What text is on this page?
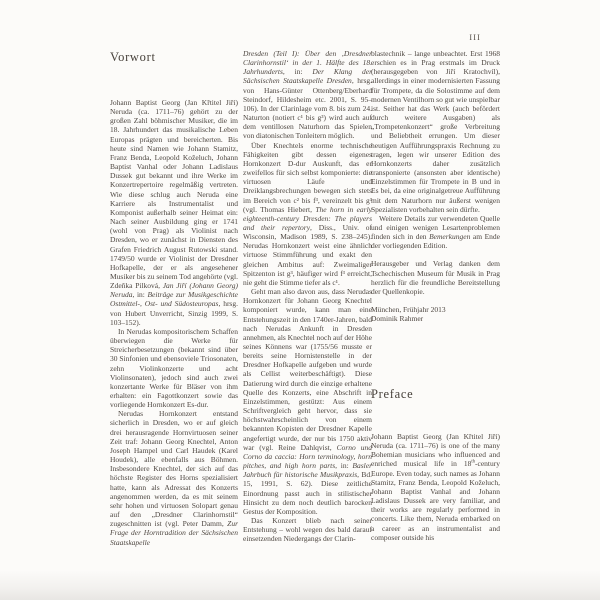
III
Vorwort

Johann Baptist Georg (Jan Křtitel Jiří) Neruda (ca. 1711–76) gehört zu der großen Zahl böhmischer Musiker, die im 18. Jahrhundert das musikalische Leben Europas prägten und bereicherten. Bis heute sind Namen wie Johann Stamitz, Franz Benda, Leopold Koželuch, Johann Baptist Vanhal oder Johann Ladislaus Dussek gut bekannt und ihre Werke im Konzertrepertoire regelmäßig vertreten. Wie diese schlug auch Neruda eine Karriere als Instrumentalist und Komponist außerhalb seiner Heimat ein: Nach seiner Ausbildung ging er 1741 (wohl von Prag) als Violinist nach Dresden, wo er zunächst in Diensten des Grafen Friedrich August Rutowski stand. 1749/50 wurde er Violinist der Dresdner Hofkapelle, der er als angesehener Musiker bis zu seinem Tod angehörte (vgl. Zdeňka Pilková, Jan Jiří (Johann Georg) Neruda, in: Beiträge zur Musikgeschichte Ostmittel-, Ost- und Südosteuropas, hrsg. von Hubert Unverricht, Sinzig 1999, S. 103–152).

In Nerudas kompositorischem Schaffen überwiegen die Werke für Streicherbesetzungen (bekannt sind über 30 Sinfonien und ebensoviele Triosonaten, zehn Violinkonzerte und acht Violinsonaten), jedoch sind auch zwei konzertante Werke für Bläser von ihm erhalten: ein Fagottkonzert sowie das vorliegende Hornkonzert Es-dur.

Nerudas Hornkonzert entstand sicherlich in Dresden, wo er auf gleich drei herausragende Hornvirtuosen seiner Zeit traf: Johann Georg Knechtel, Anton Joseph Hampel und Carl Haudek (Karel Houdek), alle ebenfalls aus Böhmen. Insbesondere Knechtel, der sich auf das höchste Register des Horns spezialisiert hatte, kann als Adressat des Konzerts angenommen werden, da es mit seinem sehr hohen und virtuosen Solopart genau auf den „Dresdner Clarinhornstil“ zugeschnitten ist (vgl. Peter Damm, Zur Frage der Horntradition der Sächsischen Staatskapelle

Dresden (Teil I): Über den ‚Dresdner Clarinhornstil‘ in der 1. Hälfte des 18. Jahrhunderts, in: Der Klang der Sächsischen Staatskapelle Dresden, hrsg. von Hans-Günter Ottenberg/Eberhard Steindorf, Hildesheim etc. 2001, S. 95–106). In der Clarinlage vom 8. bis zum 24. Naturton (notiert c¹ bis g³) wird auch auf dem ventillosen Naturhorn das Spielen von diatonischen Tonleitern möglich.

Über Knechtels enorme technische Fähigkeiten gibt dessen eigenes Hornkonzert D-dur Auskunft, das er zweifellos für sich selbst komponierte: die virtuosen Läufe und Dreiklangsbrechungen bewegen sich stets im Bereich von c² bis f³, vereinzelt bis g³ (vgl. Thomas Hiebert, The horn in early eighteenth-century Dresden: The players and their repertory, Diss., Univ. of Wisconsin, Madison 1989, S. 238–245). Nerudas Hornkonzert weist eine ähnlich virtuose Stimmführung und exakt den gleichen Ambitus auf: Zweimaliger Spitzenton ist g³, häufiger wird f³ erreicht, nie geht die Stimme tiefer als c¹.

Geht man also davon aus, dass Nerudas Hornkonzert für Johann Georg Knechtel komponiert wurde, kann man eine Entstehungszeit in den 1740er-Jahren, bald nach Nerudas Ankunft in Dresden annehmen, als Knechtel noch auf der Höhe seines Könnens war (1755/56 musste er bereits seine Hornistenstelle in der Dresdner Hofkapelle aufgeben und wurde als Cellist weiterbeschäftigt). Diese Datierung wird durch die einzige erhaltene Quelle des Konzerts, eine Abschrift in Einzelstimmen, gestützt: Aus einem Schriftvergleich geht hervor, dass sie höchstwahrscheinlich von einem bekannten Kopisten der Dresdner Kapelle angefertigt wurde, der nur bis 1750 aktiv war (vgl. Reine Dahlqvist, Corno und Corno da caccia: Horn terminology, horn pitches, and high horn parts, in: Basler Jahrbuch für historische Musikpraxis, Bd. 15, 1991, S. 62). Diese zeitliche Einordnung passt auch in stilistischer Hinsicht zu dem noch deutlich barocken Gestus der Komposition.

Das Konzert blieb nach seiner Entstehung – wohl wegen des bald darauf einsetzenden Niedergangs der Clarin-

blastechnik – lange unbeachtet. Erst 1968 erschien es in Prag erstmals im Druck (herausgegeben von Jiří Kratochvíl), allerdings in einer modernisierten Fassung für Trompete, da die Solostimme auf dem modernen Ventilhorn so gut wie unspielbar ist. Seither hat das Werk (auch befördert durch weitere Ausgaben) als „Trompetenkonzert“ große Verbreitung und Beliebtheit errungen. Um dieser heutigen Aufführungspraxis Rechnung zu tragen, legen wir unserer Edition des Hornkonzerts daher zusätzlich transponierte (ansonsten aber identische) Einzelstimmen für Trompete in B und in Es bei, da eine originalgetreue Aufführung mit dem Naturhorn nur äußerst wenigen Spezialisten vorbehalten sein dürfte.

Weitere Details zur verwendeten Quelle und einigen wenigen Lesartenproblemen finden sich in den Bemerkungen am Ende der vorliegenden Edition.

Herausgeber und Verlag danken dem Tschechischen Museum für Musik in Prag herzlich für die freundliche Bereitstellung der Quellenkopie.

München, Frühjahr 2013

Dominik Rahmer

Preface

Johann Baptist Georg (Jan Křtitel Jiří) Neruda (ca. 1711–76) is one of the many Bohemian musicians who influenced and enriched musical life in 18th-century Europe. Even today, such names as Johann Stamitz, Franz Benda, Leopold Koželuch, Johann Baptist Vanhal and Johann Ladislaus Dussek are very familiar, and their works are regularly performed in concerts. Like them, Neruda embarked on a career as an instrumentalist and composer outside his
